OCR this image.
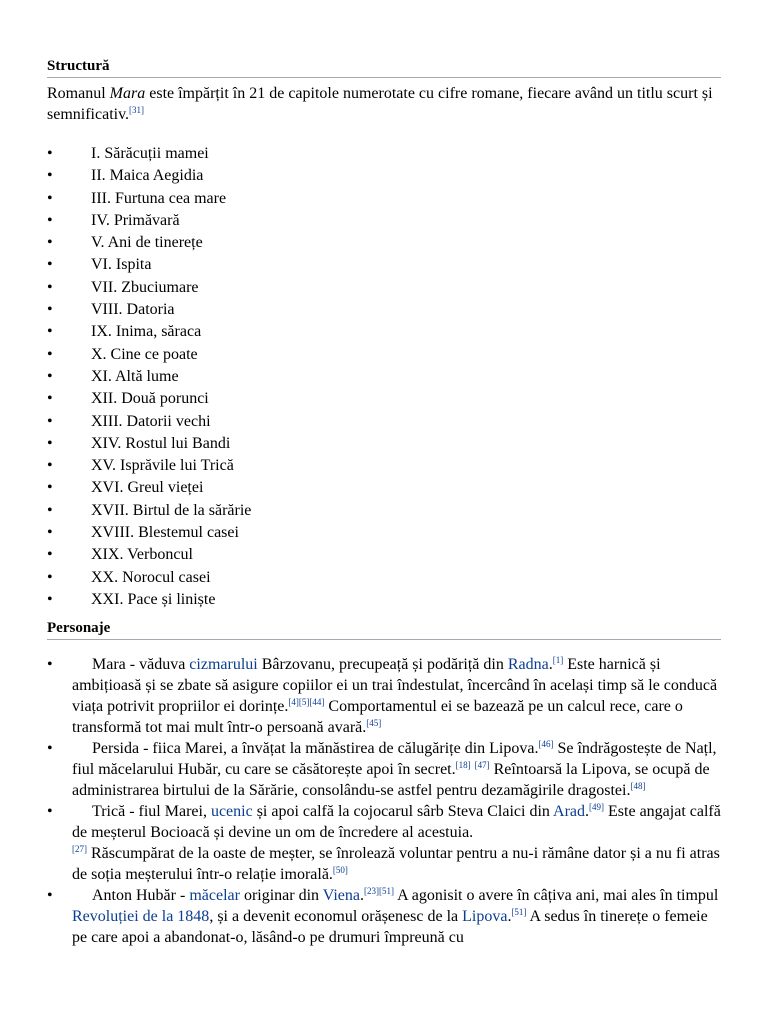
Structură

Romanul Mara este împărțit în 21 de capitole numerotate cu cifre romane, fiecare având un titlu scurt și semnificativ.[31]

• I. Sărăcuții mamei
• II. Maica Aegidia
• III. Furtuna cea mare
• IV. Primăvară
• V. Ani de tinerețe
• VI. Ispita
• VII. Zbuciumare
• VIII. Datoria
• IX. Inima, săraca
• X. Cine ce poate
• XI. Altă lume
• XII. Două porunci
• XIII. Datorii vechi
• XIV. Rostul lui Bandi
• XV. Isprăvile lui Trică
• XVI. Greul vieței
• XVII. Birtul de la sărărie
• XVIII. Blestemul casei
• XIX. Verboncul
• XX. Norocul casei
• XXI. Pace și liniște
Personaje
• Mara - văduva cizmarului Bârzovanu, precupeață și podăriță din Radna.[1] Este harnică și ambițioasă și se zbate să asigure copiilor ei un trai îndestulat, încercând în același timp să le conducă viața potrivit propriilor ei dorințe.[4][5][44] Comportamentul ei se bazează pe un calcul rece, care o transformă tot mai mult într-o persoană avară.[45]
• Persida - fiica Marei, a învățat la mănăstirea de călugărițe din Lipova.[46] Se îndrăgostește de Națl, fiul măcelarului Hubăr, cu care se căsătorește apoi în secret.[18] [47] Reîntoarsă la Lipova, se ocupă de administrarea birtului de la Sărărie, consolându-se astfel pentru dezamăgirile dragostei.[48]
• Trică - fiul Marei, ucenic și apoi calfă la cojocarul sârb Steva Claici din Arad.[49] Este angajat calfă de meșterul Bocioacă și devine un om de încredere al acestuia.
[27] Răscumpărat de la oaste de meșter, se înrolează voluntar pentru a nu-i rămâne dator și a nu fi atras de soția meșterului într-o relație imorală.[50]
• Anton Hubăr - măcelar originar din Viena.[23][51] A agonisit o avere în câțiva ani, mai ales în timpul Revoluției de la 1848, și a devenit economul orășenesc de la Lipova.[51] A sedus în tinerețe o femeie pe care apoi a abandonat-o, lăsând-o pe drumuri împreună cu
